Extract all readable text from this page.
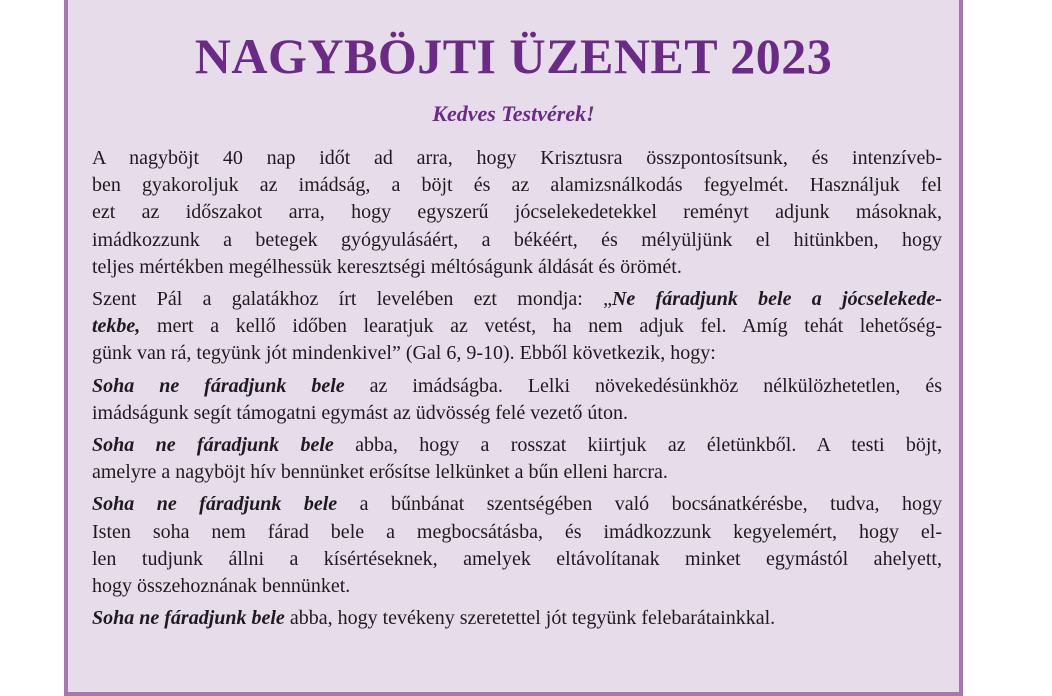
NAGYBÖJTI ÜZENET 2023
Kedves Testvérek!

A nagyböjt 40 nap időt ad arra, hogy Krisztusra összpontosítsunk, és intenzíveb-
ben gyakoroljuk az imádság, a böjt és az alamizsnálkodás fegyelmét. Használjuk fel
ezt az időszakot arra, hogy egyszerű jócselekedetekkel reményt adjunk másoknak,
imádkozzunk a betegek gyógyulásáért, a békéért, és mélyüljünk el hitünkben, hogy
teljes mértékben megélhessük keresztségi méltóságunk áldását és örömét.

Szent Pál a galatákhoz írt levelében ezt mondja: „Ne fáradjunk bele a jócselekede-
tekbe, mert a kellő időben learatjuk az vetést, ha nem adjuk fel. Amíg tehát lehetőség-
günk van rá, tegyünk jót mindenkivel” (Gal 6, 9-10). Ebből következik, hogy:

Soha ne fáradjunk bele az imádságba. Lelki növekedésünkhöz nélkülözhetetlen, és
imádságunk segít támogatni egymást az üdvösség felé vezető úton.

Soha ne fáradjunk bele abba, hogy a rosszat kiirtjuk az életünkből. A testi böjt,
amelyre a nagyböjt hív bennünket erősítse lelkünket a bűn elleni harcra.

Soha ne fáradjunk bele a bűnbánat szentségében való bocsánatkérésbe, tudva, hogy
Isten soha nem fárad bele a megbocsátásba, és imádkozzunk kegyelemért, hogy el-
len tudjunk állni a kísértéseknek, amelyek eltávolítanak minket egymástól ahelyett,
hogy összehoznának bennünket.

Soha ne fáradjunk bele abba, hogy tevékeny szeretettel jót tegyünk felebarátainkkal.
